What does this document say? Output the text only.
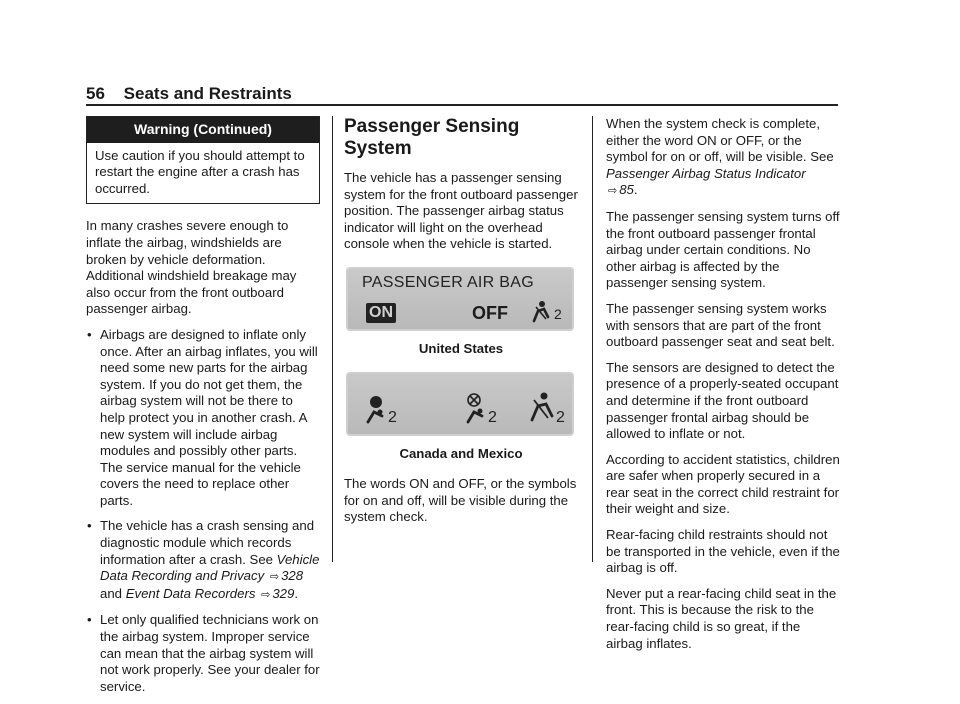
56 Seats and Restraints
Warning (Continued)
Use caution if you should attempt to restart the engine after a crash has occurred.

In many crashes severe enough to inflate the airbag, windshields are broken by vehicle deformation. Additional windshield breakage may also occur from the front outboard passenger airbag.

• Airbags are designed to inflate only once. After an airbag inflates, you will need some new parts for the airbag system. If you do not get them, the airbag system will not be there to help protect you in another crash. A new system will include airbag modules and possibly other parts. The service manual for the vehicle covers the need to replace other parts.
• The vehicle has a crash sensing and diagnostic module which records information after a crash. See Vehicle Data Recording and Privacy ⇨ 328 and Event Data Recorders ⇨ 329.
• Let only qualified technicians work on the airbag system. Improper service can mean that the airbag system will not work properly. See your dealer for service.
Passenger Sensing System

The vehicle has a passenger sensing system for the front outboard passenger position. The passenger airbag status indicator will light on the overhead console when the vehicle is started.

PASSENGER AIR BAG
ON	OFF	2
United States
2	2	2
Canada and Mexico

The words ON and OFF, or the symbols for on and off, will be visible during the system check.

When the system check is complete, either the word ON or OFF, or the symbol for on or off, will be visible. See Passenger Airbag Status Indicator ⇨ 85.

The passenger sensing system turns off the front outboard passenger frontal airbag under certain conditions. No other airbag is affected by the passenger sensing system.

The passenger sensing system works with sensors that are part of the front outboard passenger seat and seat belt.

The sensors are designed to detect the presence of a properly-seated occupant and determine if the front outboard passenger frontal airbag should be allowed to inflate or not.

According to accident statistics, children are safer when properly secured in a rear seat in the correct child restraint for their weight and size.

Rear-facing child restraints should not be transported in the vehicle, even if the airbag is off.

Never put a rear-facing child seat in the front. This is because the risk to the rear-facing child is so great, if the airbag inflates.
